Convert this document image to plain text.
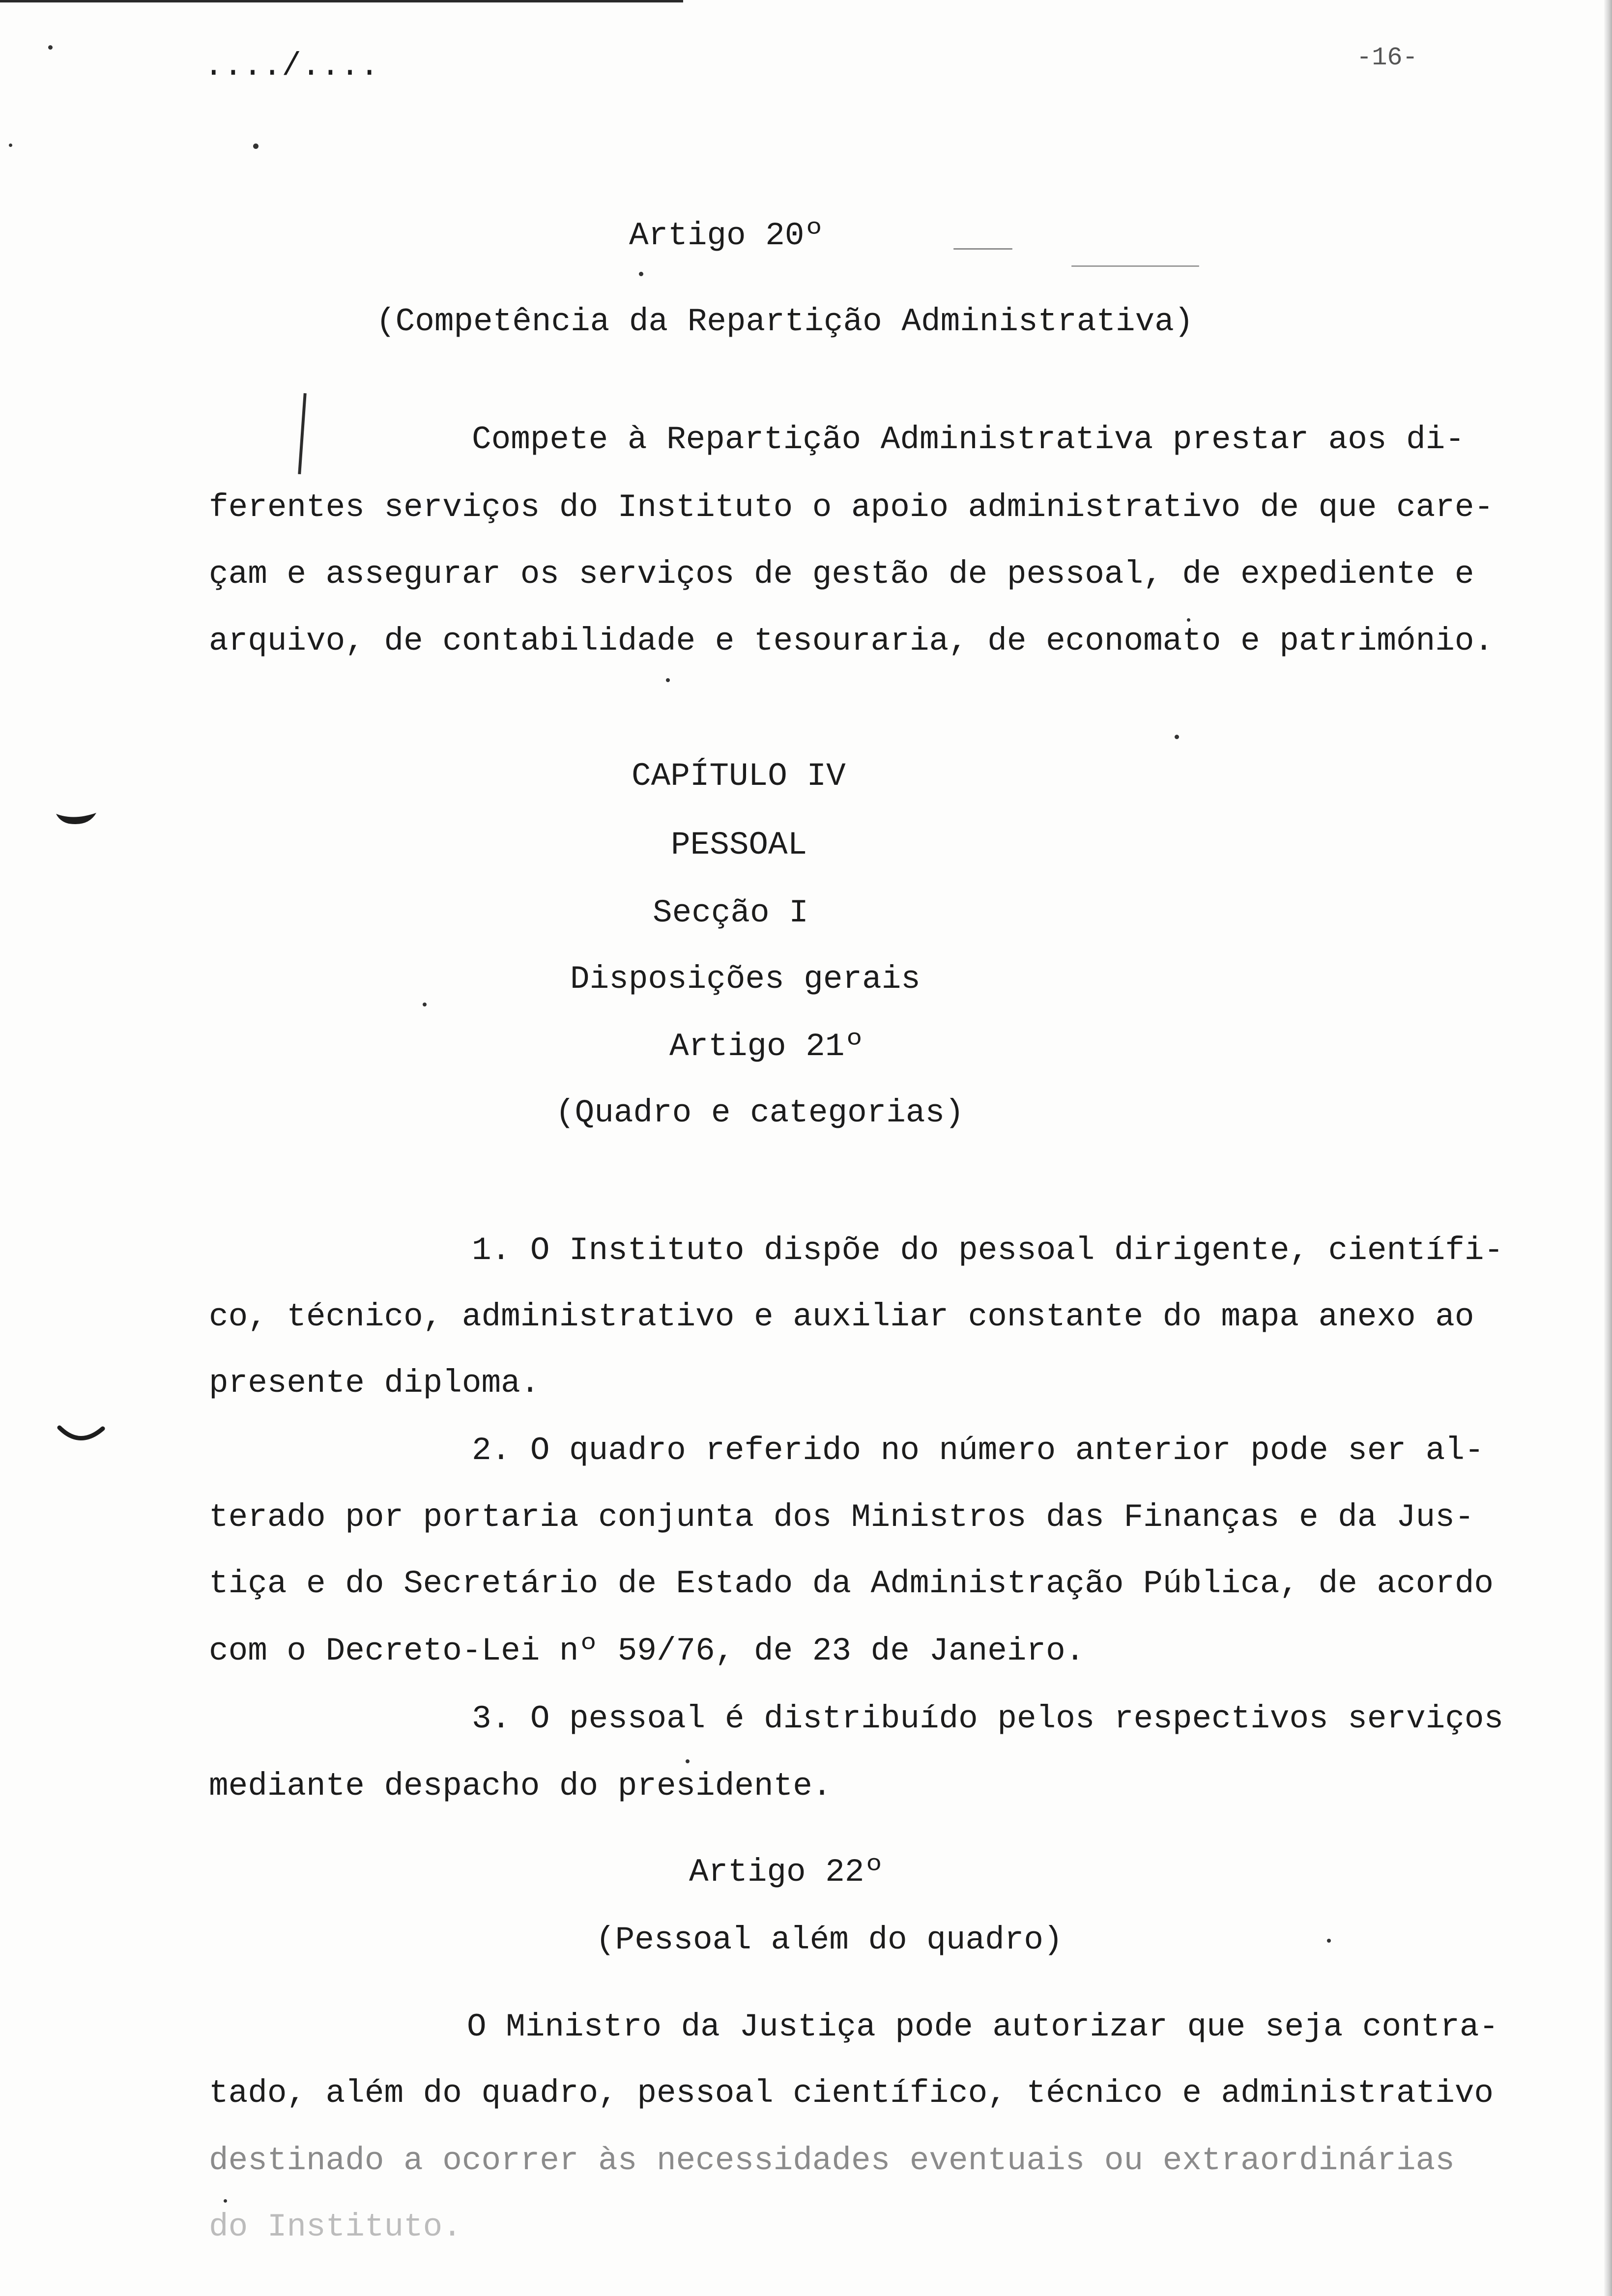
..../....	-16-

Artigo 20º

(Competência da Repartição Administrativa)

Compete à Repartição Administrativa prestar aos di-

ferentes serviços do Instituto o apoio administrativo de que care-

çam e assegurar os serviços de gestão de pessoal, de expediente e

arquivo, de contabilidade e tesouraria, de economato e património.

CAPÍTULO IV

PESSOAL

Secção I

Disposições gerais

Artigo 21º

(Quadro e categorias)

1. O Instituto dispõe do pessoal dirigente, científi-

co, técnico, administrativo e auxiliar constante do mapa anexo ao

presente diploma.

2. O quadro referido no número anterior pode ser al-

terado por portaria conjunta dos Ministros das Finanças e da Jus-

tiça e do Secretário de Estado da Administração Pública, de acordo

com o Decreto-Lei nº 59/76, de 23 de Janeiro.

3. O pessoal é distribuído pelos respectivos serviços

mediante despacho do presidente.

Artigo 22º

(Pessoal além do quadro)

O Ministro da Justiça pode autorizar que seja contra-

tado, além do quadro, pessoal científico, técnico e administrativo

destinado a ocorrer às necessidades eventuais ou extraordinárias

do Instituto.
